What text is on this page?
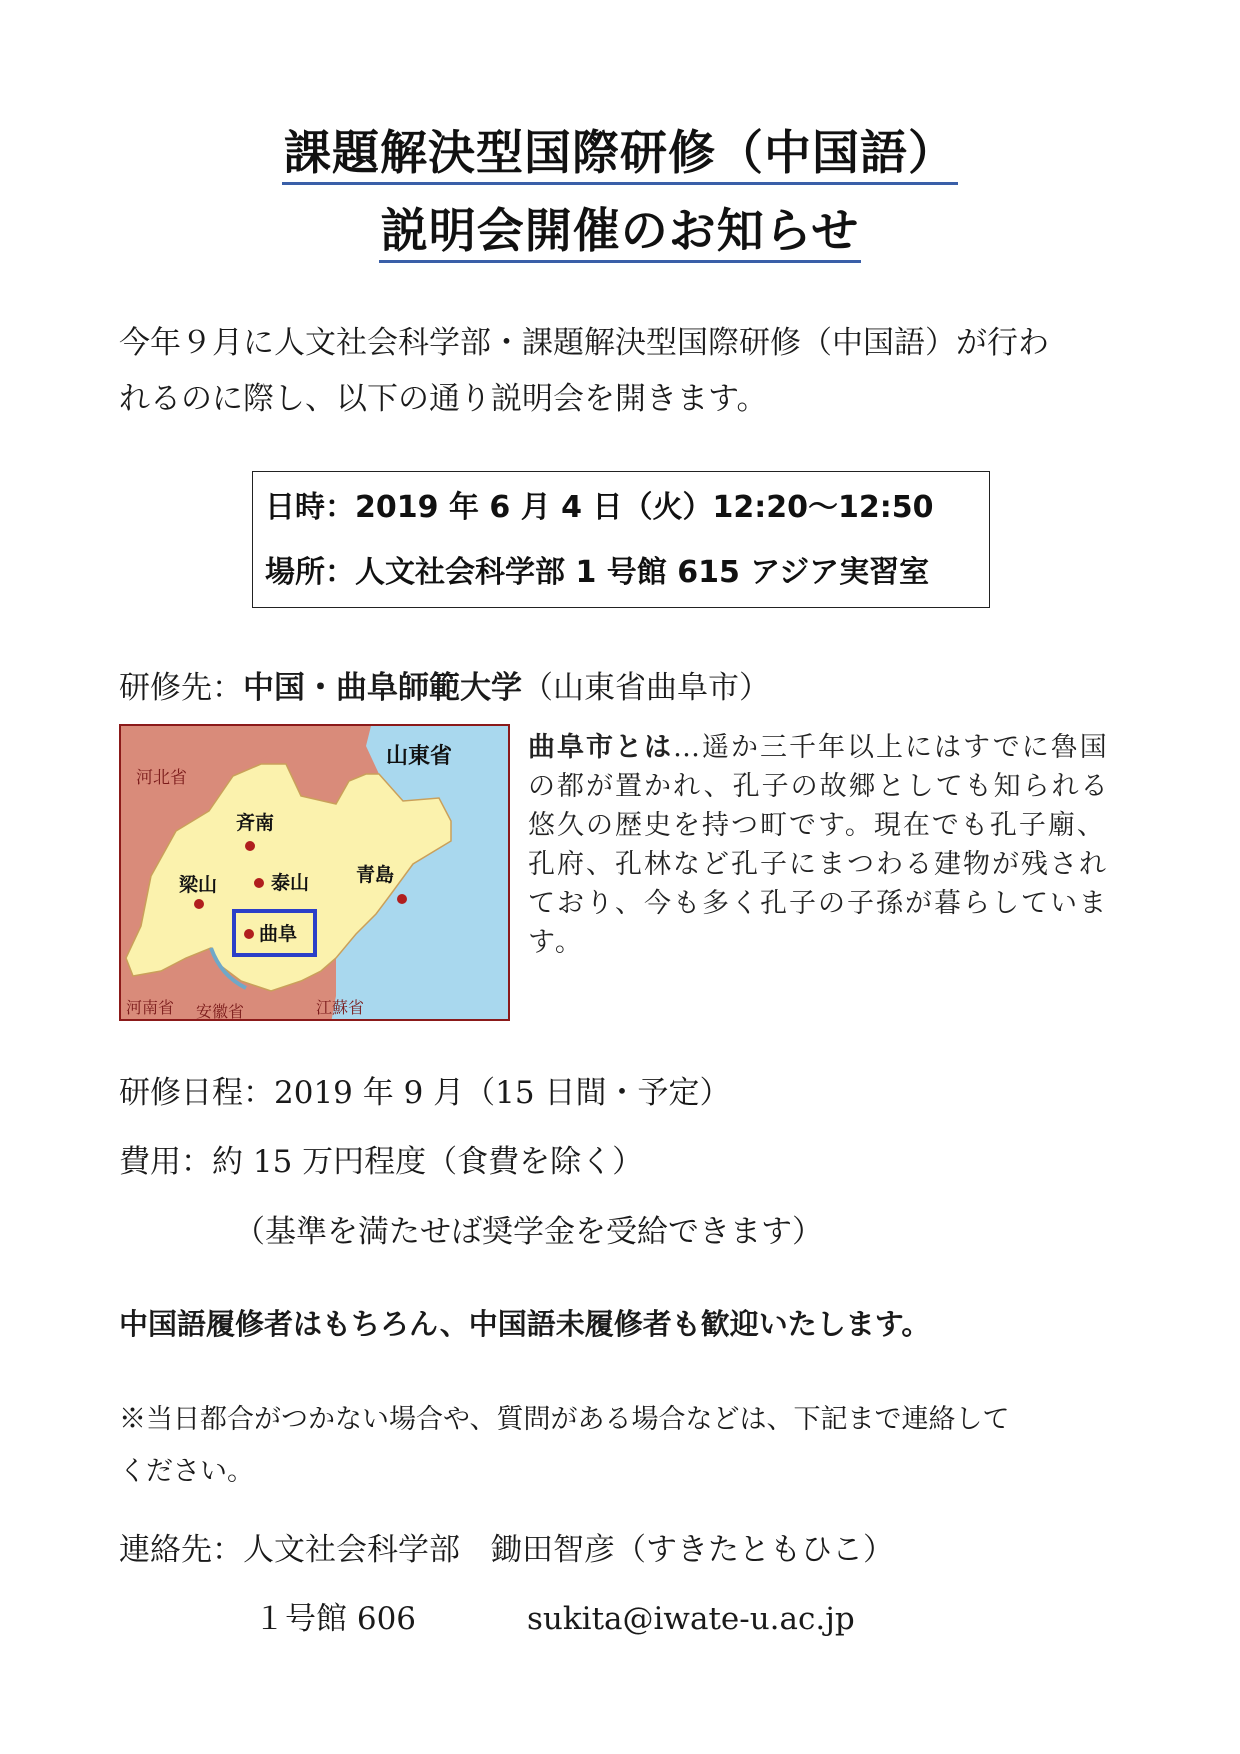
課題解決型国際研修（中国語）
説明会開催のお知らせ
今年９月に人文社会科学部・課題解決型国際研修（中国語）が行わ
れるのに際し、以下の通り説明会を開きます。
日時：2019 年 6 月 4 日（火）12:20～12:50
場所：人文社会科学部 1 号館 615 アジア実習室
研修先：中国・曲阜師範大学（山東省曲阜市）
山東省
河北省
斉南
泰山
梁山	青島
曲阜
河南省 安徽省	江蘇省
曲阜市とは…遥か三千年以上にはすでに魯国
の都が置かれ、孔子の故郷としても知られる
悠久の歴史を持つ町です。現在でも孔子廟、
孔府、孔林など孔子にまつわる建物が残され
ており、今も多く孔子の子孫が暮らしていま
す。
研修日程：2019 年 9 月（15 日間・予定）
費用：約 15 万円程度（食費を除く）
（基準を満たせば奨学金を受給できます）
中国語履修者はもちろん、中国語未履修者も歓迎いたします。
※当日都合がつかない場合や、質問がある場合などは、下記まで連絡して
ください。
連絡先：人文社会科学部　鋤田智彦（すきたともひこ）
１号館 606	sukita@iwate-u.ac.jp
